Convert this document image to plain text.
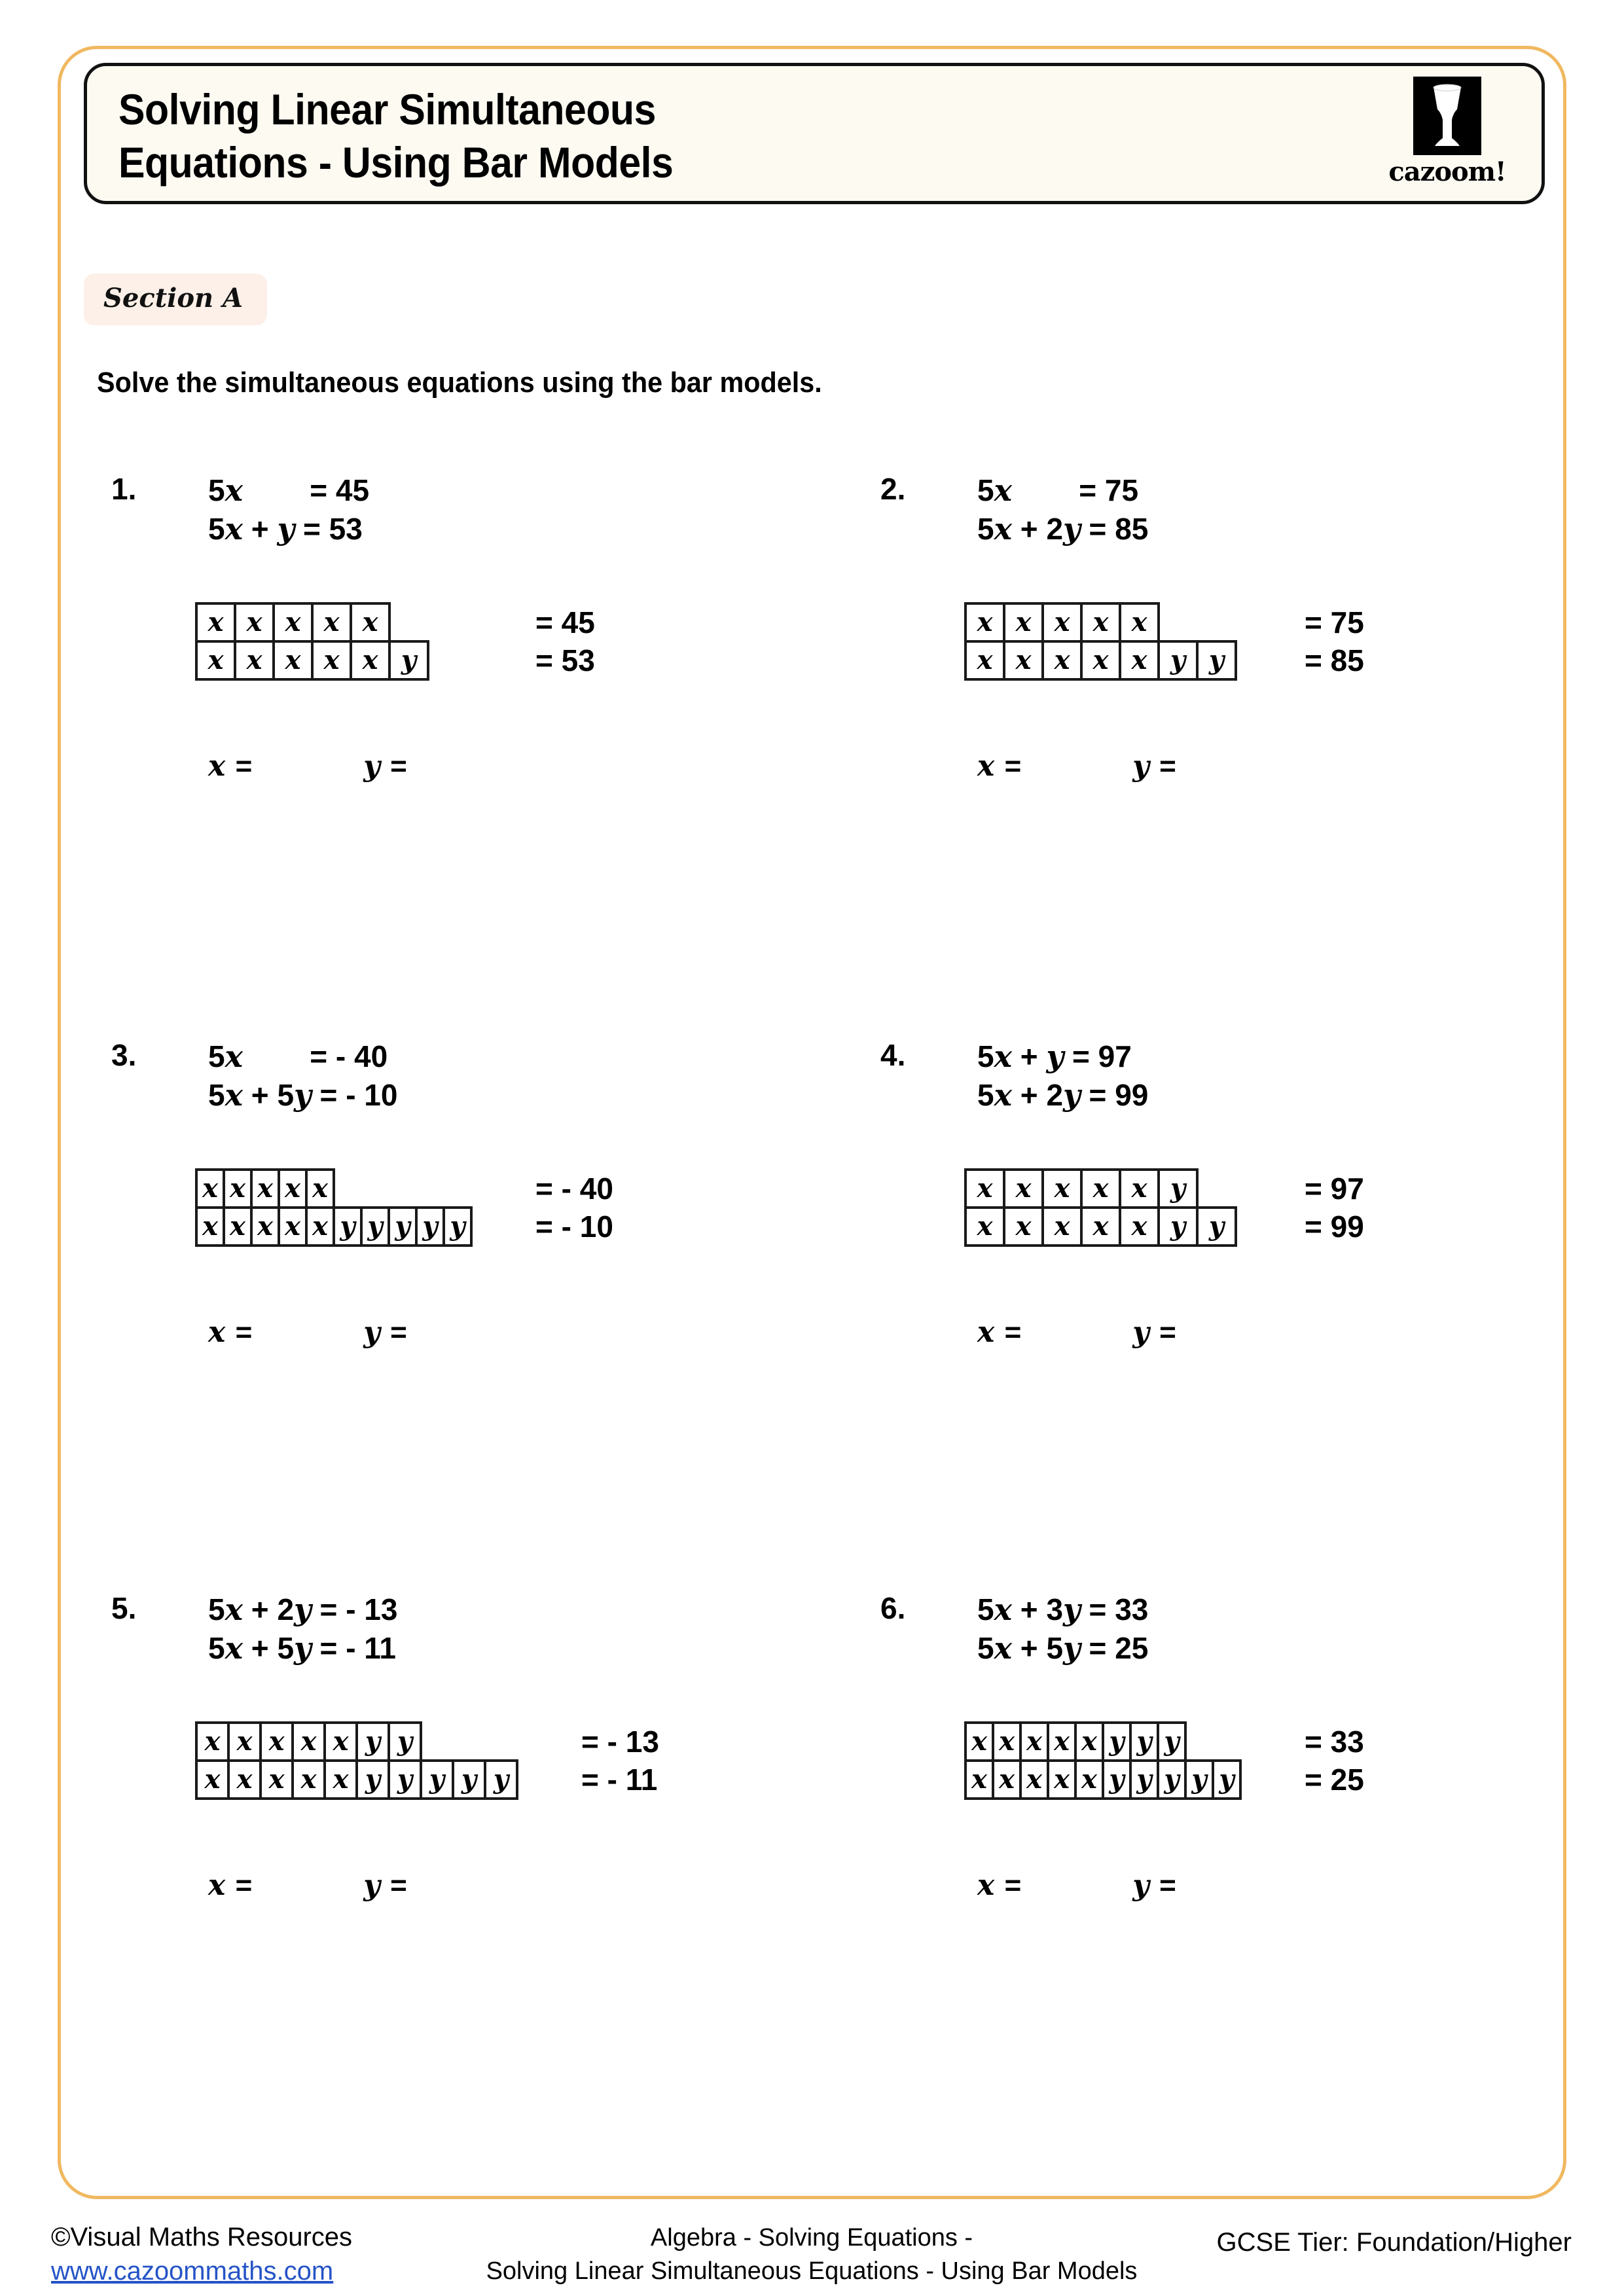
Solving Linear Simultaneous
Equations - Using Bar Models	cazoom!
Section A
Solve the simultaneous equations using the bar models.
1. 5x        = 45
5x + y = 53
x x x x x	= 45
x x x x x y	= 53
x =	y =
2. 5x        = 75
5x + 2y = 85
x x x x x	= 75
x x x x x y y	= 85
x =	y =
3. 5x        = - 40
5x + 5y = - 10
x x x x x	= - 40
x x x x x y y y y y = - 10
x =	y =
4. 5x + y = 97
5x + 2y = 99
x x x x x y	= 97
x x x x x y y	= 99
x =	y =
5. 5x + 2y = - 13
5x + 5y = - 11
x x x x x y y	= - 13
x x x x x y y y y y	= - 11
x =	y =
6. 5x + 3y = 33
5x + 5y = 25
x x x x x y y y	= 33
x x x x x y y y y y = 25
x =	y =
©Visual Maths Resources
www.cazoommaths.com
Algebra - Solving Equations -
Solving Linear Simultaneous Equations - Using Bar Models
GCSE Tier: Foundation/Higher
